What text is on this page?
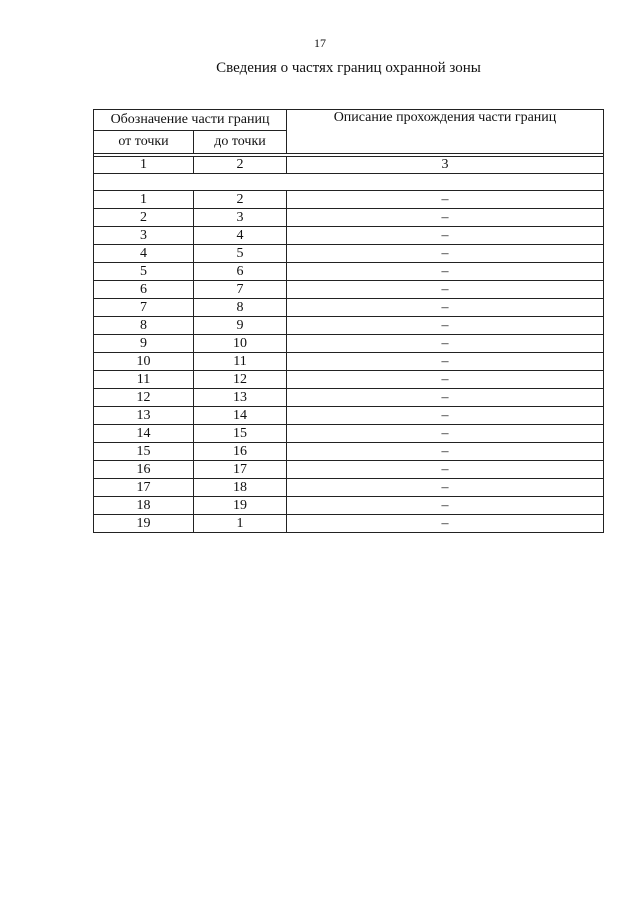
17
Сведения о частях границ охранной зоны
Обозначение части границ		Описание прохождения части границ
от точки	до точки	

1	2	3

1	2	–
2	3	–
3	4	–
4	5	–
5	6	–
6	7	–
7	8	–
8	9	–
9	10	–
10	11	–
11	12	–
12	13	–
13	14	–
14	15	–
15	16	–
16	17	–
17	18	–
18	19	–
19	1	–
